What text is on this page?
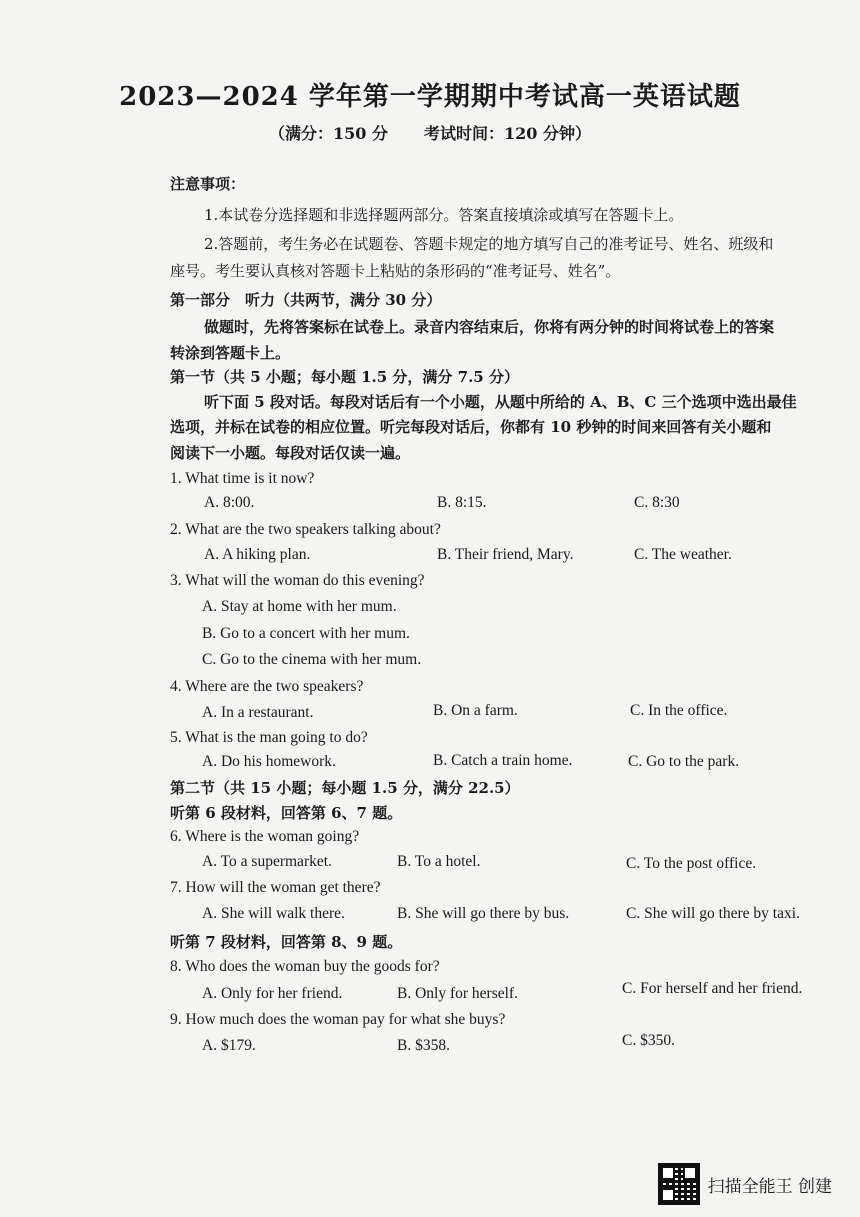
2023—2024 学年第一学期期中考试高一英语试题
（满分：150 分 考试时间：120 分钟）
注意事项：
1.本试卷分选择题和非选择题两部分。答案直接填涂或填写在答题卡上。
2.答题前，考生务必在试题卷、答题卡规定的地方填写自己的准考证号、姓名、班级和
座号。考生要认真核对答题卡上粘贴的条形码的“准考证号、姓名”。
第一部分　听力（共两节，满分 30 分）
做题时，先将答案标在试卷上。录音内容结束后，你将有两分钟的时间将试卷上的答案
转涂到答题卡上。
第一节（共 5 小题；每小题 1.5 分，满分 7.5 分）
听下面 5 段对话。每段对话后有一个小题，从题中所给的 A、B、C 三个选项中选出最佳
选项，并标在试卷的相应位置。听完每段对话后，你都有 10 秒钟的时间来回答有关小题和
阅读下一小题。每段对话仅读一遍。
1. What time is it now?
A. 8:00.	B. 8:15.	C. 8:30
2. What are the two speakers talking about?
A. A hiking plan.	B. Their friend, Mary.	C. The weather.
3. What will the woman do this evening?
A. Stay at home with her mum.
B. Go to a concert with her mum.
C. Go to the cinema with her mum.
4. Where are the two speakers?
A. In a restaurant.	B. On a farm.	C. In the office.
5. What is the man going to do?
A. Do his homework.	B. Catch a train home.	C. Go to the park.
第二节（共 15 小题；每小题 1.5 分，满分 22.5）
听第 6 段材料，回答第 6、7 题。
6. Where is the woman going?
A. To a supermarket.	B. To a hotel.	C. To the post office.
7. How will the woman get there?
A. She will walk there.	B. She will go there by bus.	C. She will go there by taxi.
听第 7 段材料，回答第 8、9 题。
8. Who does the woman buy the goods for?
A. Only for her friend.	B. Only for herself.	C. For herself and her friend.
9. How much does the woman pay for what she buys?
A. $179.	B. $358.	C. $350.
扫描全能王 创建
